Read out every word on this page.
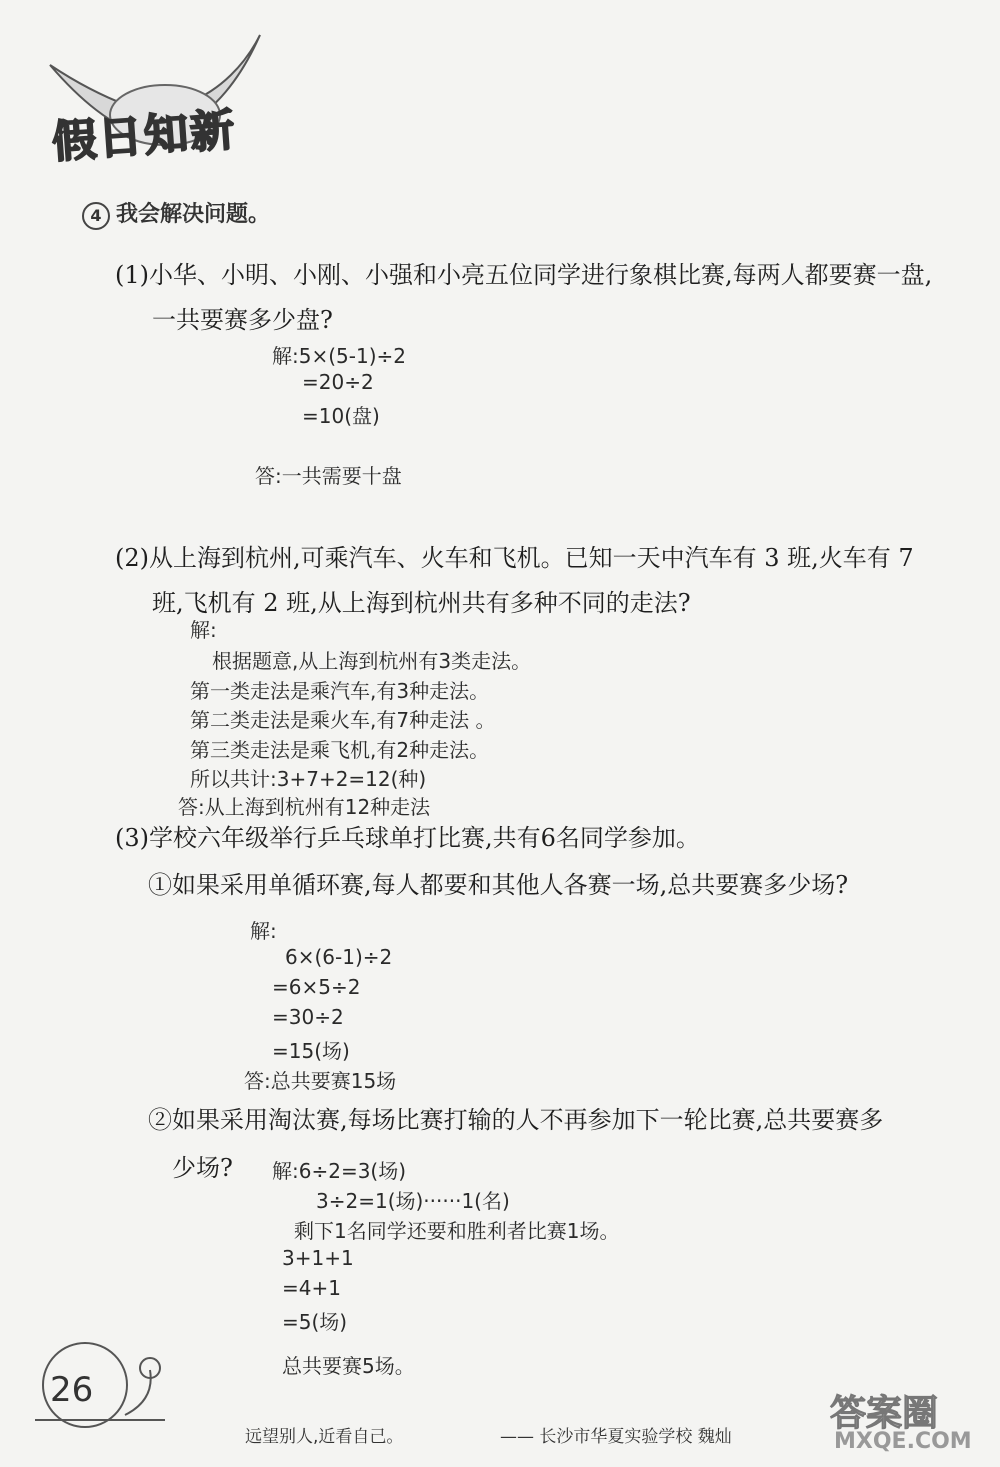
假日知新
4 我会解决问题。
(1)小华、小明、小刚、小强和小亮五位同学进行象棋比赛,每两人都要赛一盘,
一共要赛多少盘?
解:5×(5-1)÷2
=20÷2
=10(盘)
答:一共需要十盘
(2)从上海到杭州,可乘汽车、火车和飞机。已知一天中汽车有 3 班,火车有 7
班,飞机有 2 班,从上海到杭州共有多种不同的走法?
解:
根据题意,从上海到杭州有3类走法。
第一类走法是乘汽车,有3种走法。
第二类走法是乘火车,有7种走法 。
第三类走法是乘飞机,有2种走法。
所以共计:3+7+2=12(种)
答:从上海到杭州有12种走法
(3)学校六年级举行乒乓球单打比赛,共有6名同学参加。
①如果采用单循环赛,每人都要和其他人各赛一场,总共要赛多少场?
解:
6×(6-1)÷2
=6×5÷2
=30÷2
=15(场)
答:总共要赛15场
②如果采用淘汰赛,每场比赛打输的人不再参加下一轮比赛,总共要赛多
少场? 解:6÷2=3(场)
3÷2=1(场)······1(名)
剩下1名同学还要和胜利者比赛1场。
3+1+1
=4+1
=5(场)
总共要赛5场。
26
远望别人,近看自己。	—— 长沙市华夏实验学校 魏灿
答案圈
MXQE.COM
